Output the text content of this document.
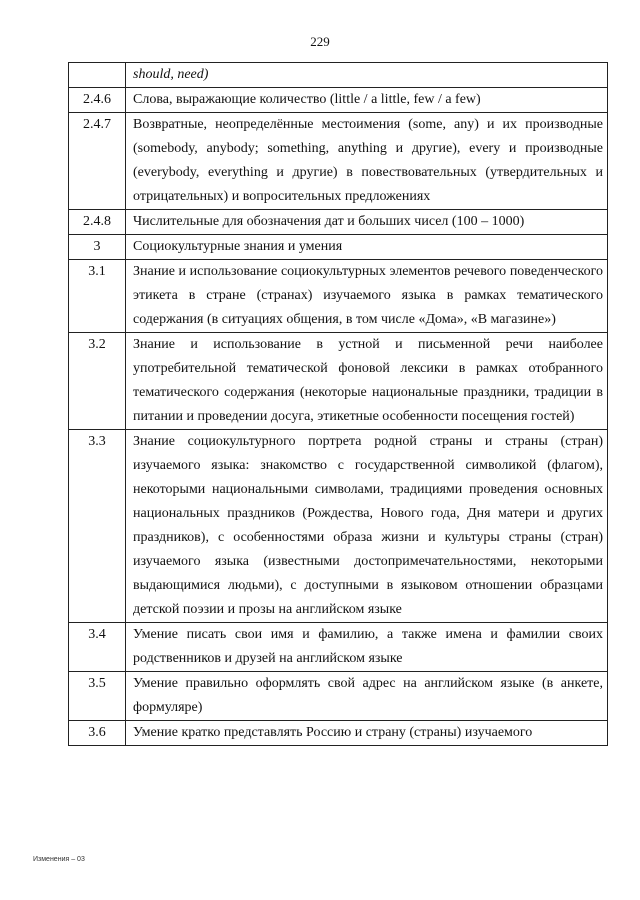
229
	should, need)
2.4.6	Слова, выражающие количество (little / a little, few / a few)
2.4.7	Возвратные, неопределённые местоимения (some, any) и их производные (somebody, anybody; something, anything и другие), every и производные (everybody, everything и другие) в повествовательных (утвердительных и отрицательных) и вопросительных предложениях
2.4.8	Числительные для обозначения дат и больших чисел (100 – 1000)
3	Социокультурные знания и умения
3.1	Знание и использование социокультурных элементов речевого поведенческого этикета в стране (странах) изучаемого языка в рамках тематического содержания (в ситуациях общения, в том числе «Дома», «В магазине»)
3.2	Знание и использование в устной и письменной речи наиболее употребительной тематической фоновой лексики в рамках отобранного тематического содержания (некоторые национальные праздники, традиции в питании и проведении досуга, этикетные особенности посещения гостей)
3.3	Знание социокультурного портрета родной страны и страны (стран) изучаемого языка: знакомство с государственной символикой (флагом), некоторыми национальными символами, традициями проведения основных национальных праздников (Рождества, Нового года, Дня матери и других праздников), с особенностями образа жизни и культуры страны (стран) изучаемого языка (известными достопримечательностями, некоторыми выдающимися людьми), с доступными в языковом отношении образцами детской поэзии и прозы на английском языке
3.4	Умение писать свои имя и фамилию, а также имена и фамилии своих родственников и друзей на английском языке
3.5	Умение правильно оформлять свой адрес на английском языке (в анкете, формуляре)
3.6	Умение кратко представлять Россию и страну (страны) изучаемого
Изменения – 03
